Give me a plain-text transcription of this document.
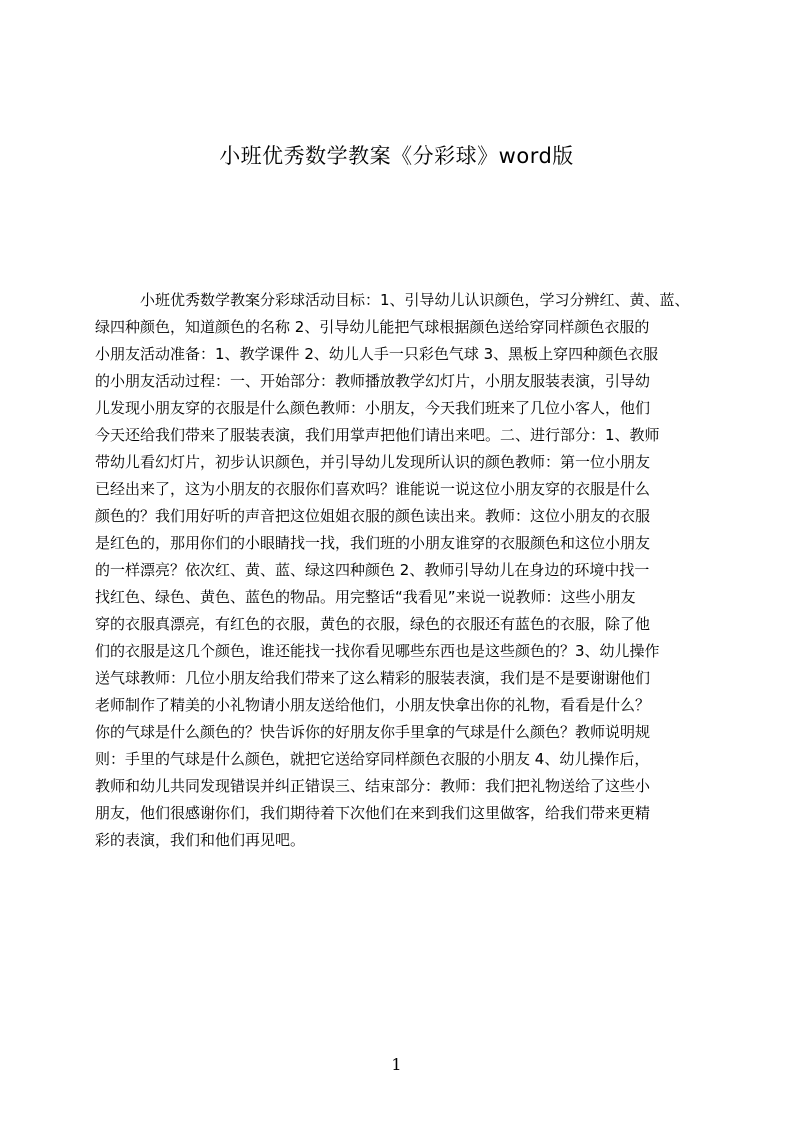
小班优秀数学教案《分彩球》word版
小班优秀数学教案分彩球活动目标：1、引导幼儿认识颜色，学习分辨红、黄、蓝、
绿四种颜色，知道颜色的名称 2、引导幼儿能把气球根据颜色送给穿同样颜色衣服的
小朋友活动准备：1、教学课件 2、幼儿人手一只彩色气球 3、黑板上穿四种颜色衣服
的小朋友活动过程：一、开始部分：教师播放教学幻灯片，小朋友服装表演，引导幼
儿发现小朋友穿的衣服是什么颜色教师：小朋友，今天我们班来了几位小客人，他们
今天还给我们带来了服装表演，我们用掌声把他们请出来吧。二、进行部分：1、教师
带幼儿看幻灯片，初步认识颜色，并引导幼儿发现所认识的颜色教师：第一位小朋友
已经出来了，这为小朋友的衣服你们喜欢吗？谁能说一说这位小朋友穿的衣服是什么
颜色的？我们用好听的声音把这位姐姐衣服的颜色读出来。教师：这位小朋友的衣服
是红色的，那用你们的小眼睛找一找，我们班的小朋友谁穿的衣服颜色和这位小朋友
的一样漂亮？依次红、黄、蓝、绿这四种颜色 2、教师引导幼儿在身边的环境中找一
找红色、绿色、黄色、蓝色的物品。用完整话“我看见”来说一说教师：这些小朋友
穿的衣服真漂亮，有红色的衣服，黄色的衣服，绿色的衣服还有蓝色的衣服，除了他
们的衣服是这几个颜色，谁还能找一找你看见哪些东西也是这些颜色的？3、幼儿操作
送气球教师：几位小朋友给我们带来了这么精彩的服装表演，我们是不是要谢谢他们
老师制作了精美的小礼物请小朋友送给他们，小朋友快拿出你的礼物，看看是什么？
你的气球是什么颜色的？快告诉你的好朋友你手里拿的气球是什么颜色？教师说明规
则：手里的气球是什么颜色，就把它送给穿同样颜色衣服的小朋友 4、幼儿操作后，
教师和幼儿共同发现错误并纠正错误三、结束部分：教师：我们把礼物送给了这些小
朋友，他们很感谢你们，我们期待着下次他们在来到我们这里做客，给我们带来更精
彩的表演，我们和他们再见吧。
1
